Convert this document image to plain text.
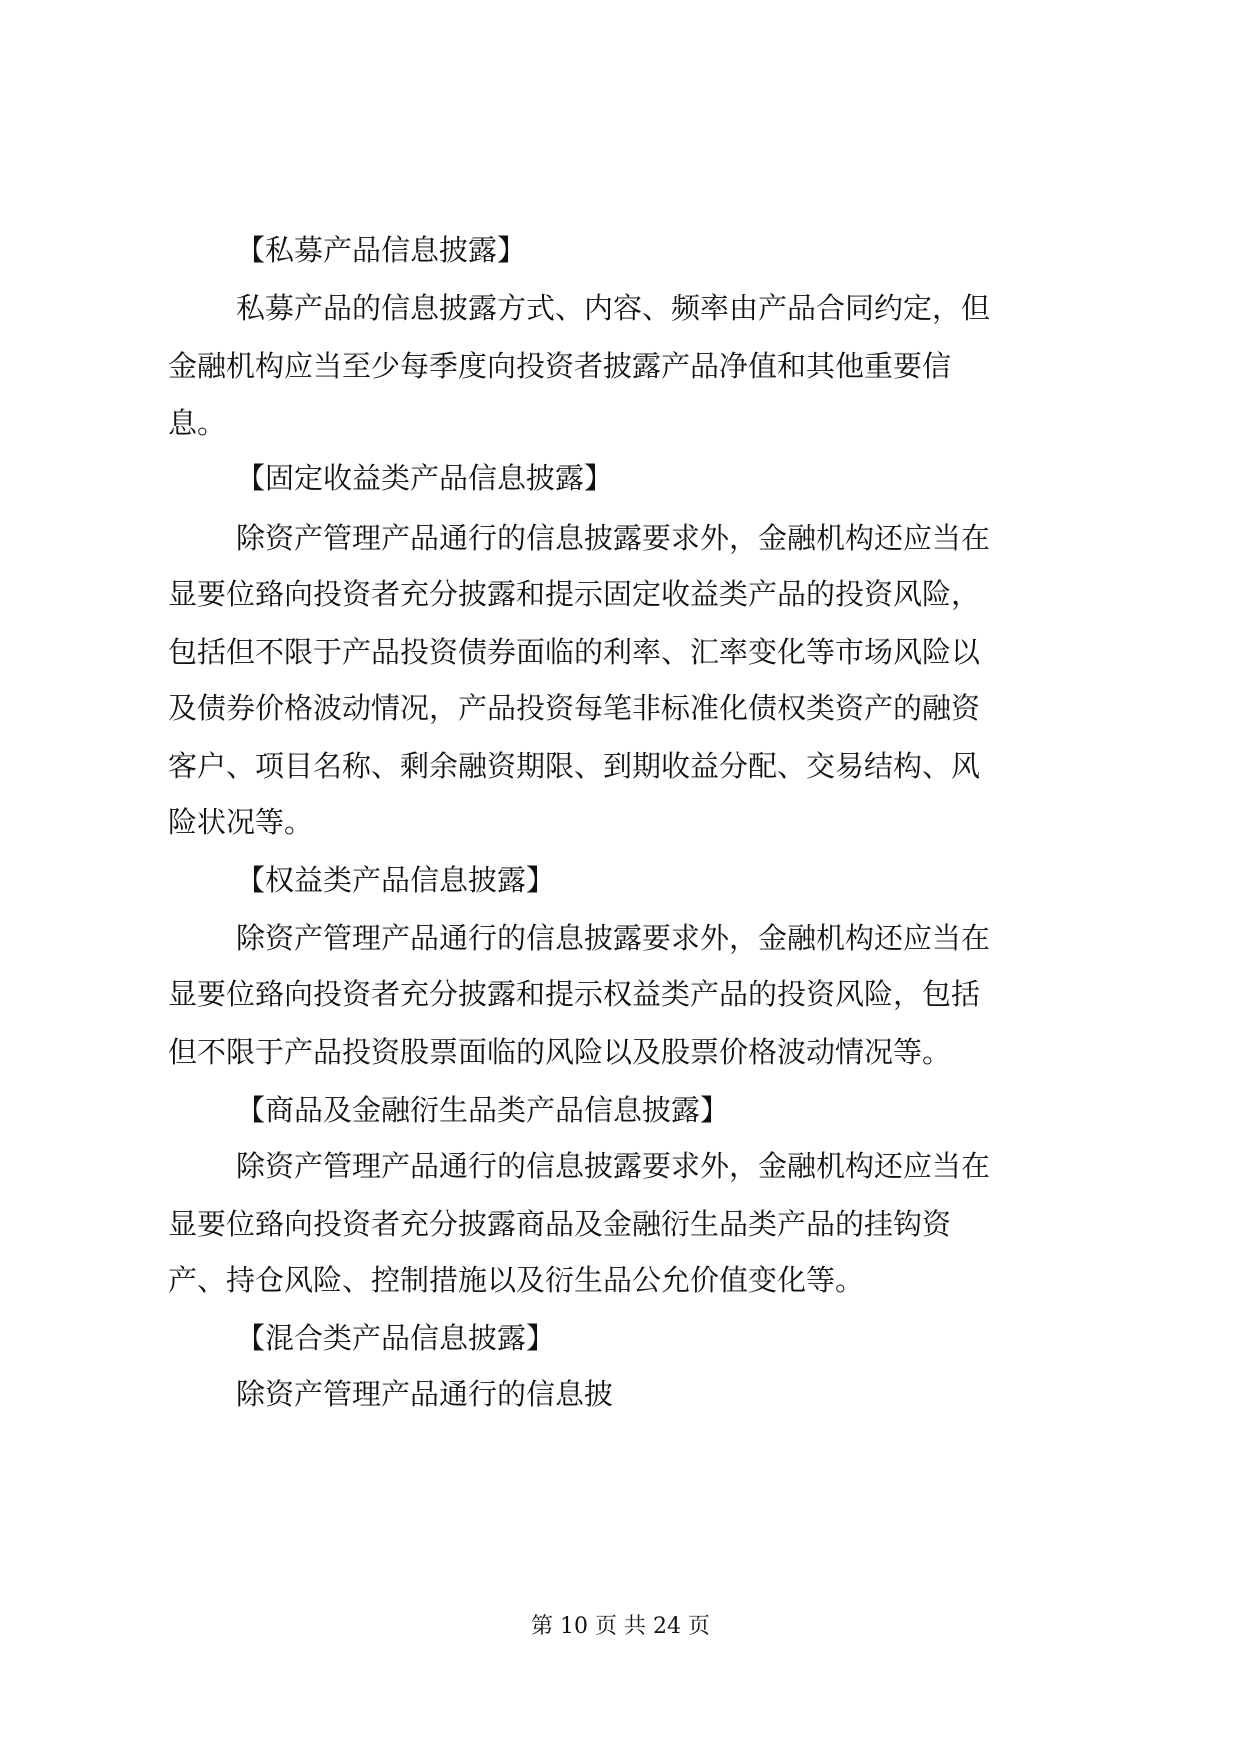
【私募产品信息披露】
私募产品的信息披露方式、内容、频率由产品合同约定，但
金融机构应当至少每季度向投资者披露产品净值和其他重要信
息。
【固定收益类产品信息披露】
除资产管理产品通行的信息披露要求外，金融机构还应当在
显要位臵向投资者充分披露和提示固定收益类产品的投资风险，
包括但不限于产品投资债券面临的利率、汇率变化等市场风险以
及债券价格波动情况，产品投资每笔非标准化债权类资产的融资
客户、项目名称、剩余融资期限、到期收益分配、交易结构、风
险状况等。
【权益类产品信息披露】
除资产管理产品通行的信息披露要求外，金融机构还应当在
显要位臵向投资者充分披露和提示权益类产品的投资风险，包括
但不限于产品投资股票面临的风险以及股票价格波动情况等。
【商品及金融衍生品类产品信息披露】
除资产管理产品通行的信息披露要求外，金融机构还应当在
显要位臵向投资者充分披露商品及金融衍生品类产品的挂钩资
产、持仓风险、控制措施以及衍生品公允价值变化等。
【混合类产品信息披露】
除资产管理产品通行的信息披
第 10 页 共 24 页
